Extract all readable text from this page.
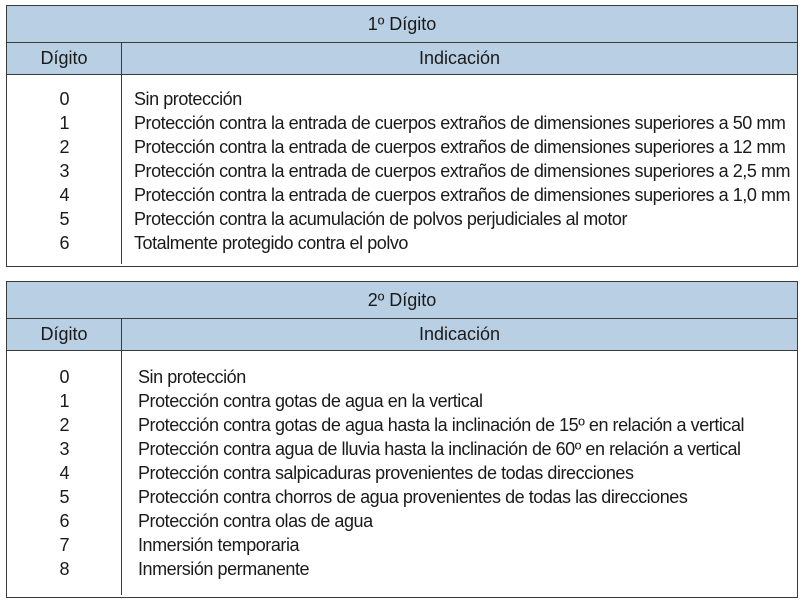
1º Dígito
Dígito	Indicación
0	Sin protección
1	Protección contra la entrada de cuerpos extraños de dimensiones superiores a 50 mm
2	Protección contra la entrada de cuerpos extraños de dimensiones superiores a 12 mm
3	Protección contra la entrada de cuerpos extraños de dimensiones superiores a 2,5 mm
4	Protección contra la entrada de cuerpos extraños de dimensiones superiores a 1,0 mm
5	Protección contra la acumulación de polvos perjudiciales al motor
6	Totalmente protegido contra el polvo
2º Dígito
Dígito	Indicación
0	Sin protección
1	Protección contra gotas de agua en la vertical
2	Protección contra gotas de agua hasta la inclinación de 15º en relación a vertical
3	Protección contra agua de lluvia hasta la inclinación de 60º en relación a vertical
4	Protección contra salpicaduras provenientes de todas direcciones
5	Protección contra chorros de agua provenientes de todas las direcciones
6	Protección contra olas de agua
7	Inmersión temporaria
8	Inmersión permanente
